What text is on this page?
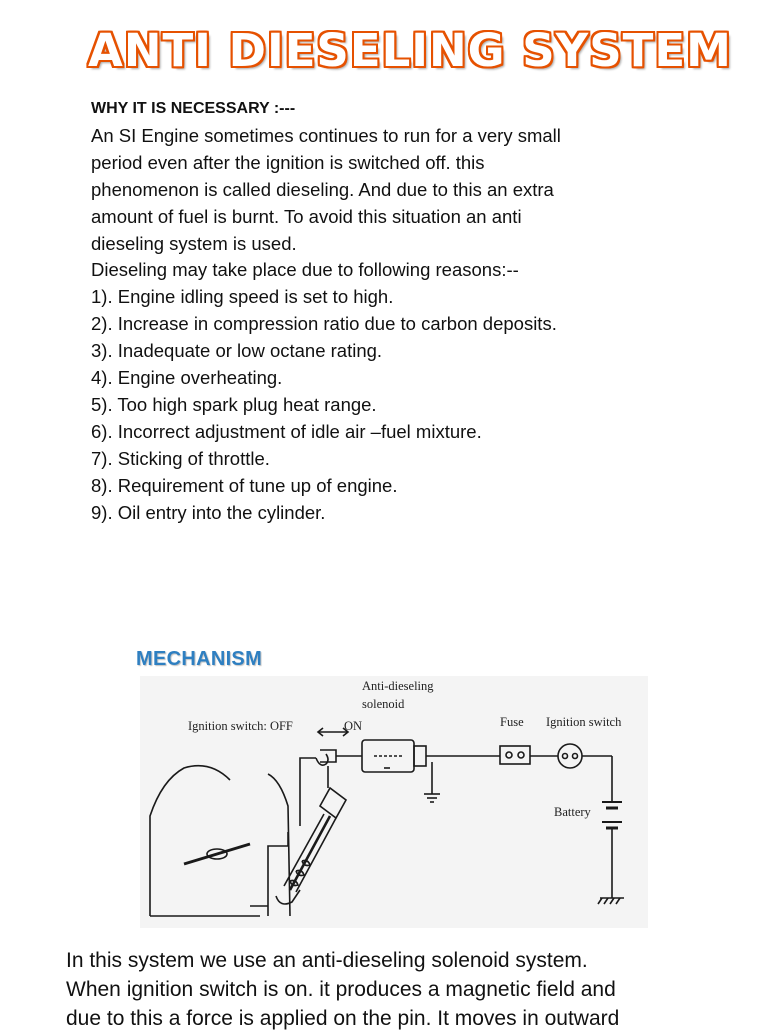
ANTI DIESELING SYSTEM
WHY IT IS NECESSARY :---
An SI Engine sometimes continues to run for a very small
period even after the ignition is switched off. this
phenomenon is called dieseling. And due to this an extra
amount of fuel is burnt. To avoid this situation an anti
dieseling system is used.
Dieseling may take place due to following reasons:--
1). Engine idling speed is set to high.
2). Increase in compression ratio due to carbon deposits.
3). Inadequate or low octane rating.
4). Engine overheating.
5). Too high spark plug heat range.
6). Incorrect adjustment of idle air –fuel mixture.
7). Sticking of throttle.
8). Requirement of tune up of engine.
9). Oil entry into the cylinder.
MECHANISM
Anti-dieseling
solenoid
Ignition switch: OFF	ON	Fuse Ignition switch
Battery
In this system we use an anti-dieseling solenoid system.
When ignition switch is on. it produces a magnetic field and
due to this a force is applied on the pin. It moves in outward
